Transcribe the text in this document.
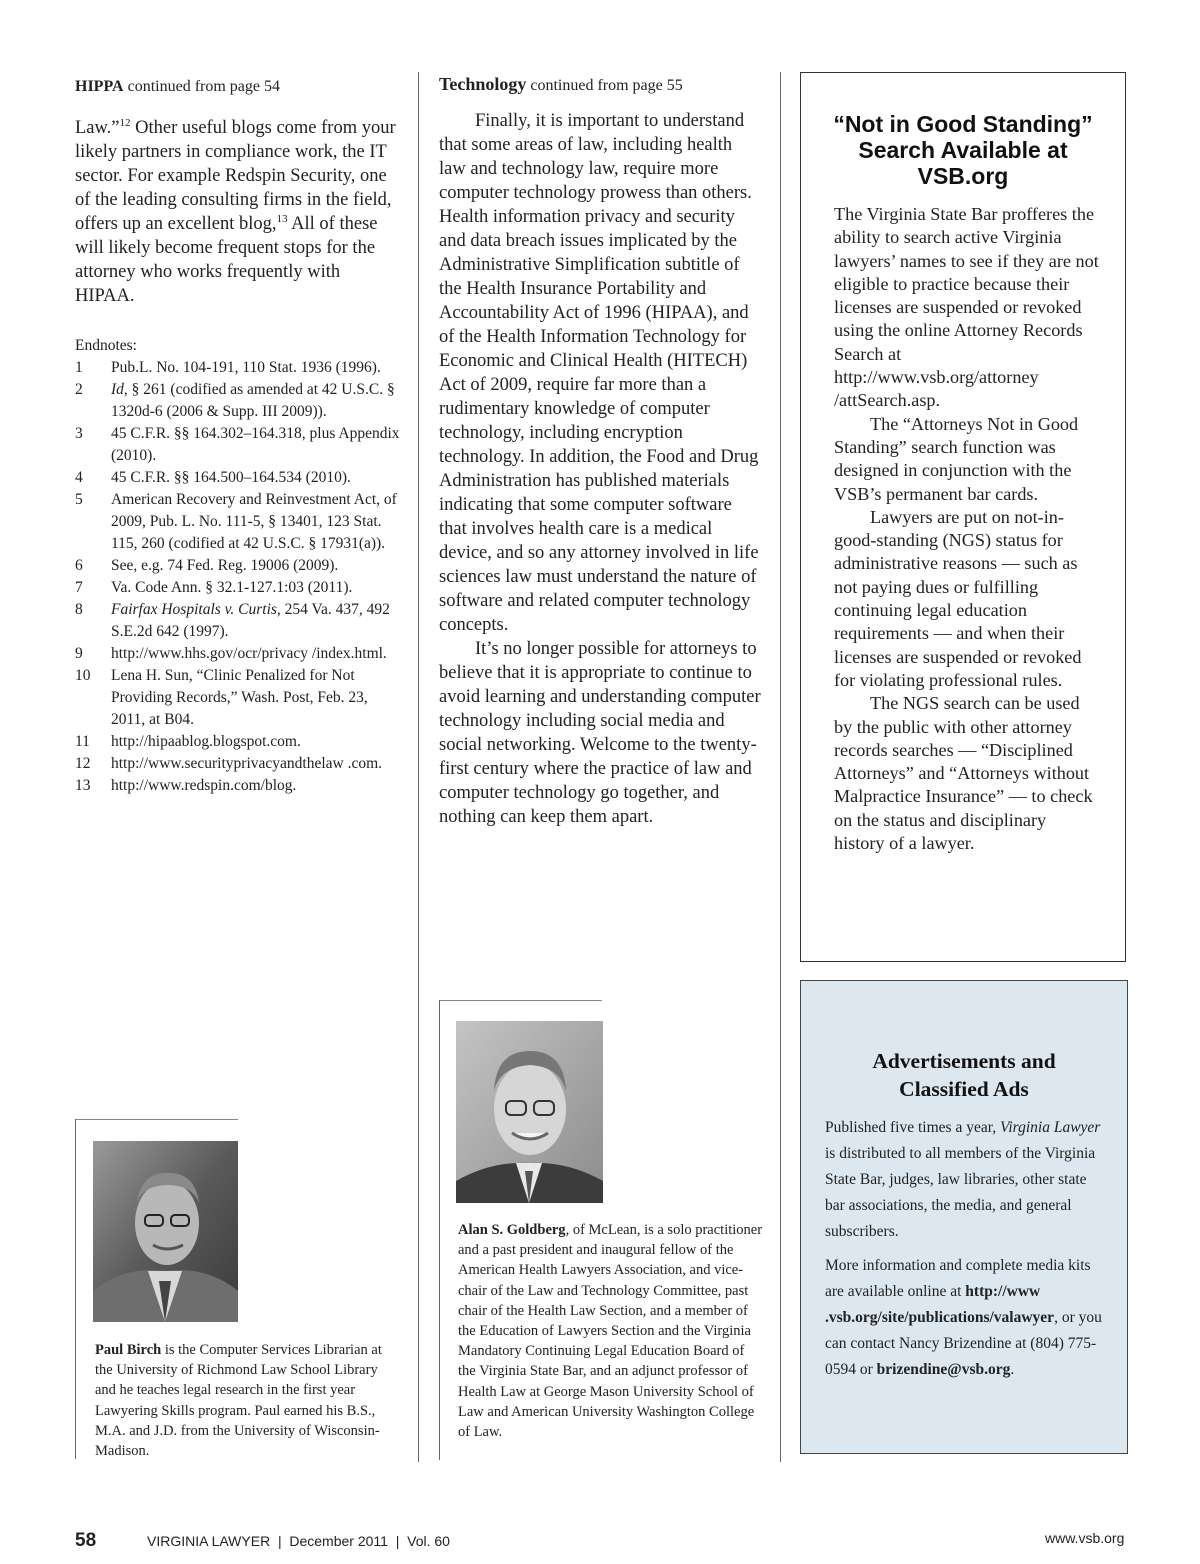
HIPPA continued from page 54

Law.”$^{12}$ Other useful blogs come from your likely partners in compliance work, the IT sector. For example Redspin Security, one of the leading consulting firms in the field, offers up an excellent blog,$^{13}$ All of these will likely become frequent stops for the attorney who works frequently with HIPAA.

Endnotes:
1	Pub.L. No. 104-191, 110 Stat. 1936 (1996).
2	Id, § 261 (codified as amended at 42 U.S.C. § 1320d-6 (2006 & Supp. III 2009)).
3	45 C.F.R. §§ 164.302–164.318, plus Appendix (2010).
4	45 C.F.R. §§ 164.500–164.534 (2010).
5	American Recovery and Reinvestment Act, of 2009, Pub. L. No. 111-5, § 13401, 123 Stat. 115, 260 (codified at 42 U.S.C. § 17931(a)).
6	See, e.g. 74 Fed. Reg. 19006 (2009).
7	Va. Code Ann. § 32.1-127.1:03 (2011).
8	Fairfax Hospitals v. Curtis, 254 Va. 437, 492 S.E.2d 642 (1997).
9	http://www.hhs.gov/ocr/privacy /index.html.
10	Lena H. Sun, “Clinic Penalized for Not Providing Records,” Wash. Post, Feb. 23, 2011, at B04.
11	http://hipaablog.blogspot.com.
12	http://www.securityprivacyandthelaw .com.
13	http://www.redspin.com/blog.
Paul Birch is the Computer Services Librarian at the University of Richmond Law School Library and he teaches legal research in the first year Lawyering Skills program. Paul earned his B.S., M.A. and J.D. from the University of Wisconsin-Madison.
Technology continued from page 55

Finally, it is important to understand that some areas of law, including health law and technology law, require more computer technology prowess than others. Health information privacy and security and data breach issues implicated by the Administrative Simplification subtitle of the Health Insurance Portability and Accountability Act of 1996 (HIPAA), and of the Health Information Technology for Economic and Clinical Health (HITECH) Act of 2009, require far more than a rudimentary knowledge of computer technology, including encryption technology. In addition, the Food and Drug Administration has published materials indicating that some computer software that involves health care is a medical device, and so any attorney involved in life sciences law must understand the nature of software and related computer technology concepts.

It’s no longer possible for attorneys to believe that it is appropriate to continue to avoid learning and understanding computer technology including social media and social networking. Welcome to the twenty-first century where the practice of law and computer technology go together, and nothing can keep them apart.

Alan S. Goldberg, of McLean, is a solo practitioner and a past president and inaugural fellow of the American Health Lawyers Association, and vice-chair of the Law and Technology Committee, past chair of the Health Law Section, and a member of the Education of Lawyers Section and the Virginia Mandatory Continuing Legal Education Board of the Virginia State Bar, and an adjunct professor of Health Law at George Mason University School of Law and American University Washington College of Law.
“Not in Good Standing” Search Available at VSB.org

The Virginia State Bar profferes the ability to search active Virginia lawyers’ names to see if they are not eligible to practice because their licenses are suspended or revoked using the online Attorney Records Search at http://www.vsb.org/attorney /attSearch.asp.

The “Attorneys Not in Good Standing” search function was designed in conjunction with the VSB’s permanent bar cards.

Lawyers are put on not-in-good-standing (NGS) status for administrative reasons — such as not paying dues or fulfilling continuing legal education requirements — and when their licenses are suspended or revoked for violating professional rules.

The NGS search can be used by the public with other attorney records searches — “Disciplined Attorneys” and “Attorneys without Malpractice Insurance” — to check on the status and disciplinary history of a lawyer.

Advertisements and Classified Ads

Published five times a year, Virginia Lawyer is distributed to all members of the Virginia State Bar, judges, law libraries, other state bar associations, the media, and general subscribers.

More information and complete media kits are available online at http://www .vsb.org/site/publications/valawyer, or you can contact Nancy Brizendine at (804) 775-0594 or brizendine@vsb.org.

58	VIRGINIA LAWYER  |  December 2011  |  Vol. 60	www.vsb.org
